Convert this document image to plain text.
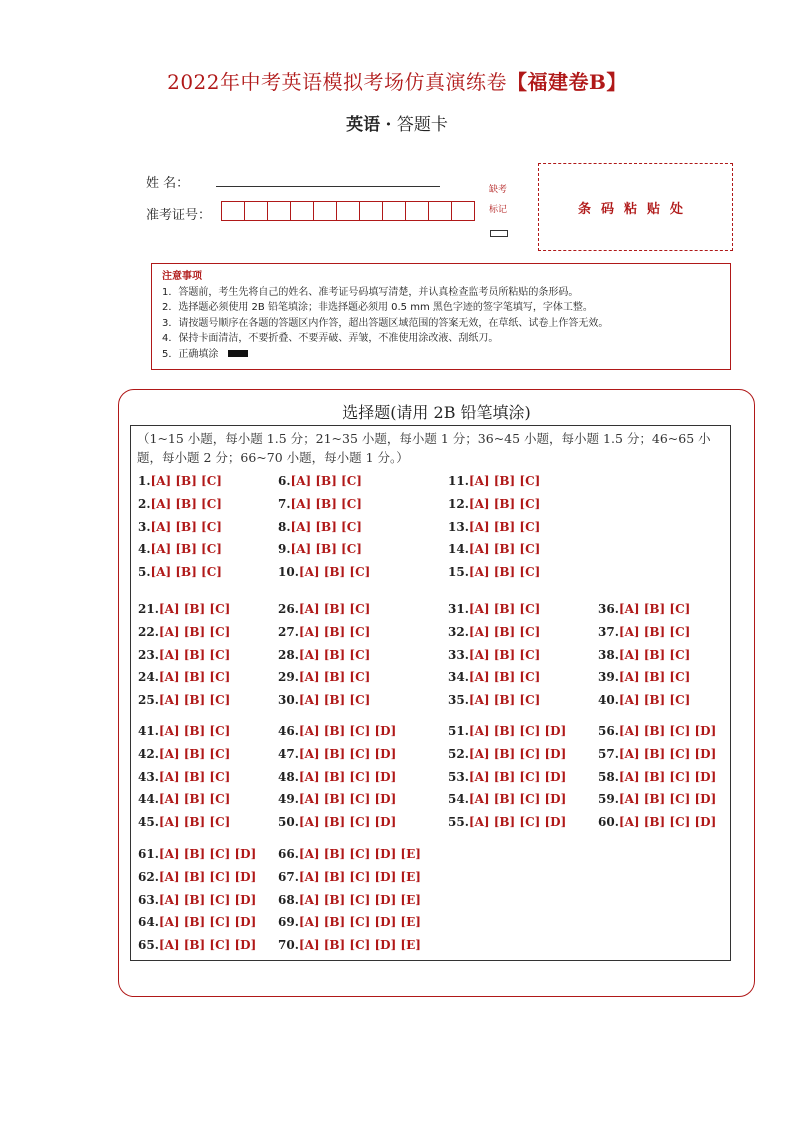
2022年中考英语模拟考场仿真演练卷【福建卷B】
英语 · 答题卡
姓 名：
准考证号：
缺考
标记	条码粘贴处
注意事项
1．答题前，考生先将自己的姓名、准考证号码填写清楚，并认真检查监考员所粘贴的条形码。
2．选择题必须使用 2B 铅笔填涂；非选择题必须用 0.5 mm 黑色字迹的签字笔填写，字体工整。
3．请按题号顺序在各题的答题区内作答，超出答题区域范围的答案无效，在草纸、试卷上作答无效。
4．保持卡面清洁，不要折叠、不要弄破、弄皱，不准使用涂改液、刮纸刀。
5．正确填涂
选择题(请用 2B 铅笔填涂)
（1~15 小题，每小题 1.5 分；21~35 小题，每小题 1 分；36~45 小题，每小题 1.5 分；46~65 小题，每小题 2 分；66~70 小题，每小题 1 分。）
1.[A] [B] [C]
2.[A] [B] [C]
3.[A] [B] [C]
4.[A] [B] [C]
5.[A] [B] [C]
6.[A] [B] [C]
7.[A] [B] [C]
8.[A] [B] [C]
9.[A] [B] [C]
10.[A] [B] [C]
11.[A] [B] [C]
12.[A] [B] [C]
13.[A] [B] [C]
14.[A] [B] [C]
15.[A] [B] [C]
21.[A] [B] [C]
22.[A] [B] [C]
23.[A] [B] [C]
24.[A] [B] [C]
25.[A] [B] [C]
26.[A] [B] [C]
27.[A] [B] [C]
28.[A] [B] [C]
29.[A] [B] [C]
30.[A] [B] [C]
31.[A] [B] [C]
32.[A] [B] [C]
33.[A] [B] [C]
34.[A] [B] [C]
35.[A] [B] [C]
36.[A] [B] [C]
37.[A] [B] [C]
38.[A] [B] [C]
39.[A] [B] [C]
40.[A] [B] [C]
41.[A] [B] [C]
42.[A] [B] [C]
43.[A] [B] [C]
44.[A] [B] [C]
45.[A] [B] [C]
46.[A] [B] [C] [D]
47.[A] [B] [C] [D]
48.[A] [B] [C] [D]
49.[A] [B] [C] [D]
50.[A] [B] [C] [D]
51.[A] [B] [C] [D]
52.[A] [B] [C] [D]
53.[A] [B] [C] [D]
54.[A] [B] [C] [D]
55.[A] [B] [C] [D]
56.[A] [B] [C] [D]
57.[A] [B] [C] [D]
58.[A] [B] [C] [D]
59.[A] [B] [C] [D]
60.[A] [B] [C] [D]
61.[A] [B] [C] [D]
62.[A] [B] [C] [D]
63.[A] [B] [C] [D]
64.[A] [B] [C] [D]
65.[A] [B] [C] [D]
66.[A] [B] [C] [D] [E]
67.[A] [B] [C] [D] [E]
68.[A] [B] [C] [D] [E]
69.[A] [B] [C] [D] [E]
70.[A] [B] [C] [D] [E]
